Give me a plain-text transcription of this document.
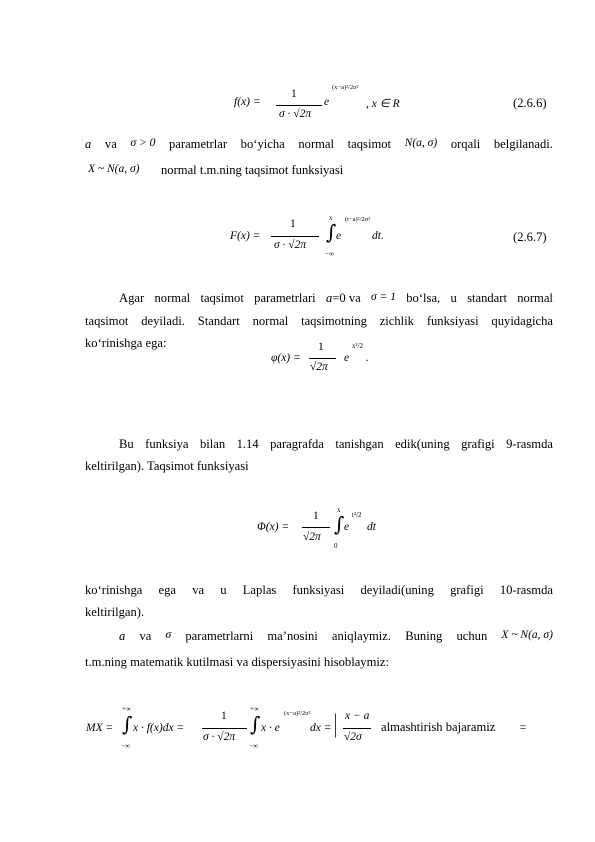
f(x) =
1
σ · √2π
e
(x−a)²/2σ²
, x ∈ R	(2.6.6)
a va σ > 0 parametrlar bo‘yicha normal taqsimot N(a, σ) orqali belgilanadi.
X ~ N(a, σ) normal t.m.ning taqsimot funksiyasi
F(x) =
1
σ · √2π
∫
x
−∞
e
(t−a)²/2σ²
dt.	(2.6.7)
Agar normal taqsimot parametrlari a=0 va σ = 1 bo‘lsa, u standart normal
taqsimot deyiladi. Standart normal taqsimotning zichlik funksiyasi quyidagicha
ko‘rinishga ega:
φ(x) =
1
√2π
e
x²/2
.
Bu funksiya bilan 1.14 paragrafda tanishgan edik(uning grafigi 9-rasmda
keltirilgan). Taqsimot funksiyasi
Φ(x) =
1
√2π
∫
x
0
e
t²/2
dt
ko‘rinishga ega va u Laplas funksiyasi deyiladi(uning grafigi 10-rasmda
keltirilgan).
a va σ parametrlarni ma’nosini aniqlaymiz. Buning uchun X ~ N(a, σ)
t.m.ning matematik kutilmasi va dispersiyasini hisoblaymiz:
MX = ∫
+∞
−∞
x · f(x)dx =
1
σ · √2π
∫
+∞
−∞
x · e
(x−a)²/2σ²
dx = | x − a
√2σ
almashtirish bajaramiz =
